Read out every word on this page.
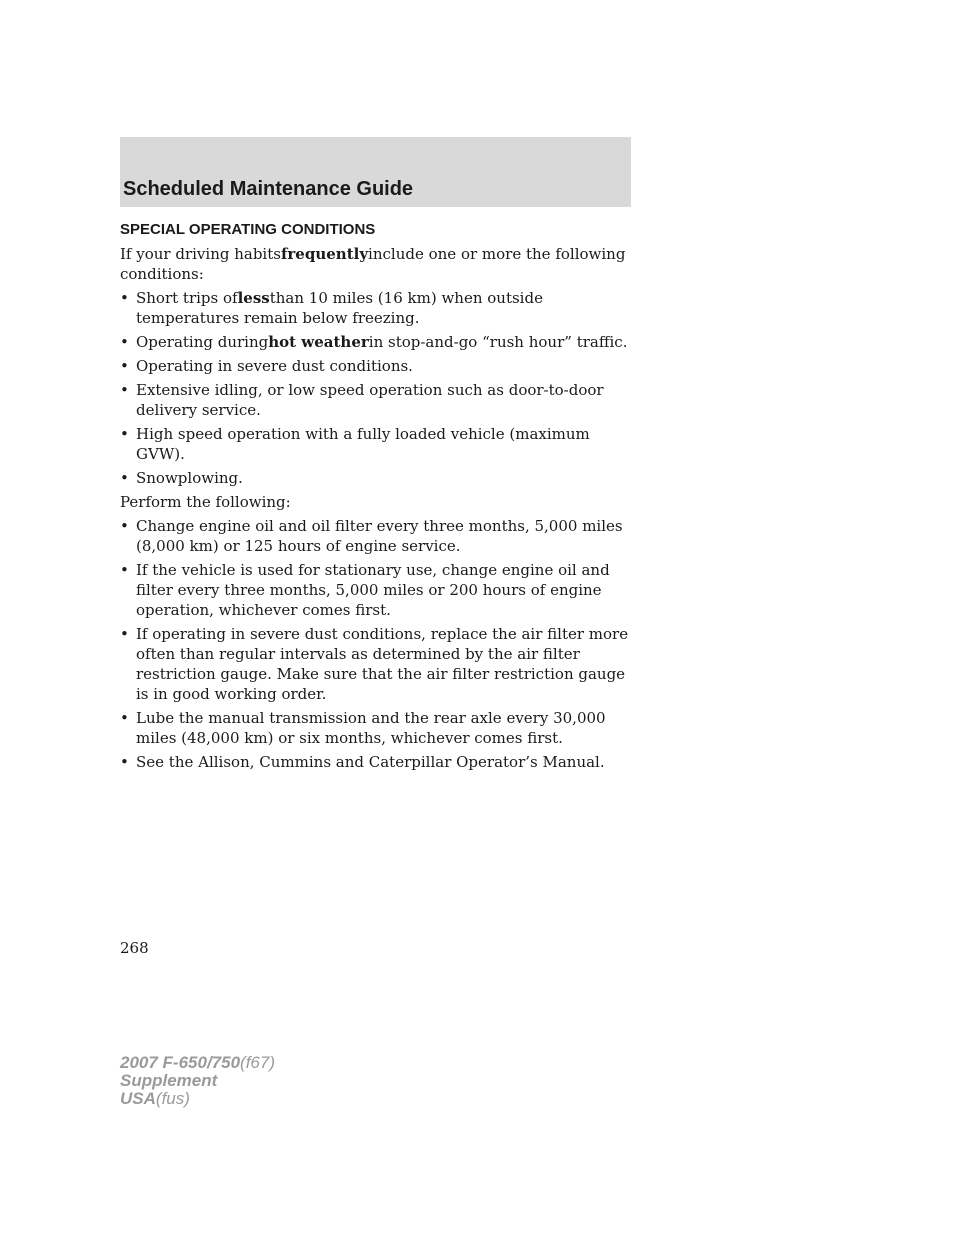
Scheduled Maintenance Guide
SPECIAL OPERATING CONDITIONS

If your driving habitsfrequentlyinclude one or more the following conditions:

• Short trips oflessthan 10 miles (16 km) when outside temperatures remain below freezing.
• Operating duringhot weatherin stop-and-go “rush hour” traffic.
• Operating in severe dust conditions.
• Extensive idling, or low speed operation such as door-to-door delivery service.
• High speed operation with a fully loaded vehicle (maximum GVW).
• Snowplowing.

Perform the following:

• Change engine oil and oil filter every three months, 5,000 miles (8,000 km) or 125 hours of engine service.
• If the vehicle is used for stationary use, change engine oil and filter every three months, 5,000 miles or 200 hours of engine operation, whichever comes first.
• If operating in severe dust conditions, replace the air filter more often than regular intervals as determined by the air filter restriction gauge. Make sure that the air filter restriction gauge is in good working order.
• Lube the manual transmission and the rear axle every 30,000 miles (48,000 km) or six months, whichever comes first.
• See the Allison, Cummins and Caterpillar Operator’s Manual.
268

2007 F-650/750(f67)

Supplement

USA(fus)
